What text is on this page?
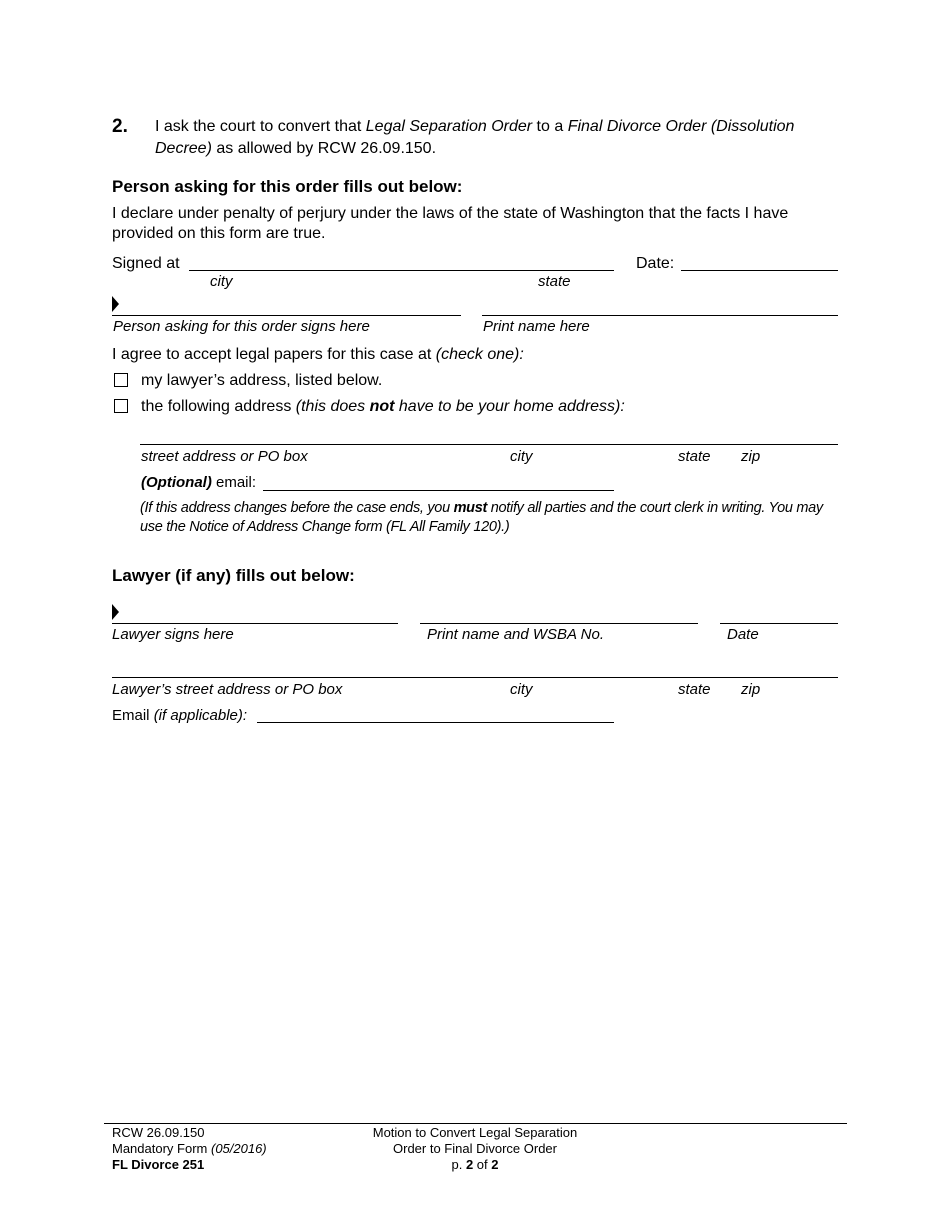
2. I ask the court to convert that Legal Separation Order to a Final Divorce Order (Dissolution
Decree) as allowed by RCW 26.09.150.
Person asking for this order fills out below:
I declare under penalty of perjury under the laws of the state of Washington that the facts I have provided on this form are true.
Signed at
city	state
Date:
Person asking for this order signs here	Print name here
I agree to accept legal papers for this case at (check one):
my lawyer’s address, listed below.
the following address (this does not have to be your home address):
street address or PO box	city	state zip
(Optional) email:
(If this address changes before the case ends, you must notify all parties and the court clerk in writing. You may
use the Notice of Address Change form (FL All Family 120).)
Lawyer (if any) fills out below:
Lawyer signs here	Print name and WSBA No.	Date
Lawyer’s street address or PO box	city	state zip
Email (if applicable):
RCW 26.09.150
Mandatory Form (05/2016)
FL Divorce 251
Motion to Convert Legal Separation
Order to Final Divorce Order
p. 2 of 2
